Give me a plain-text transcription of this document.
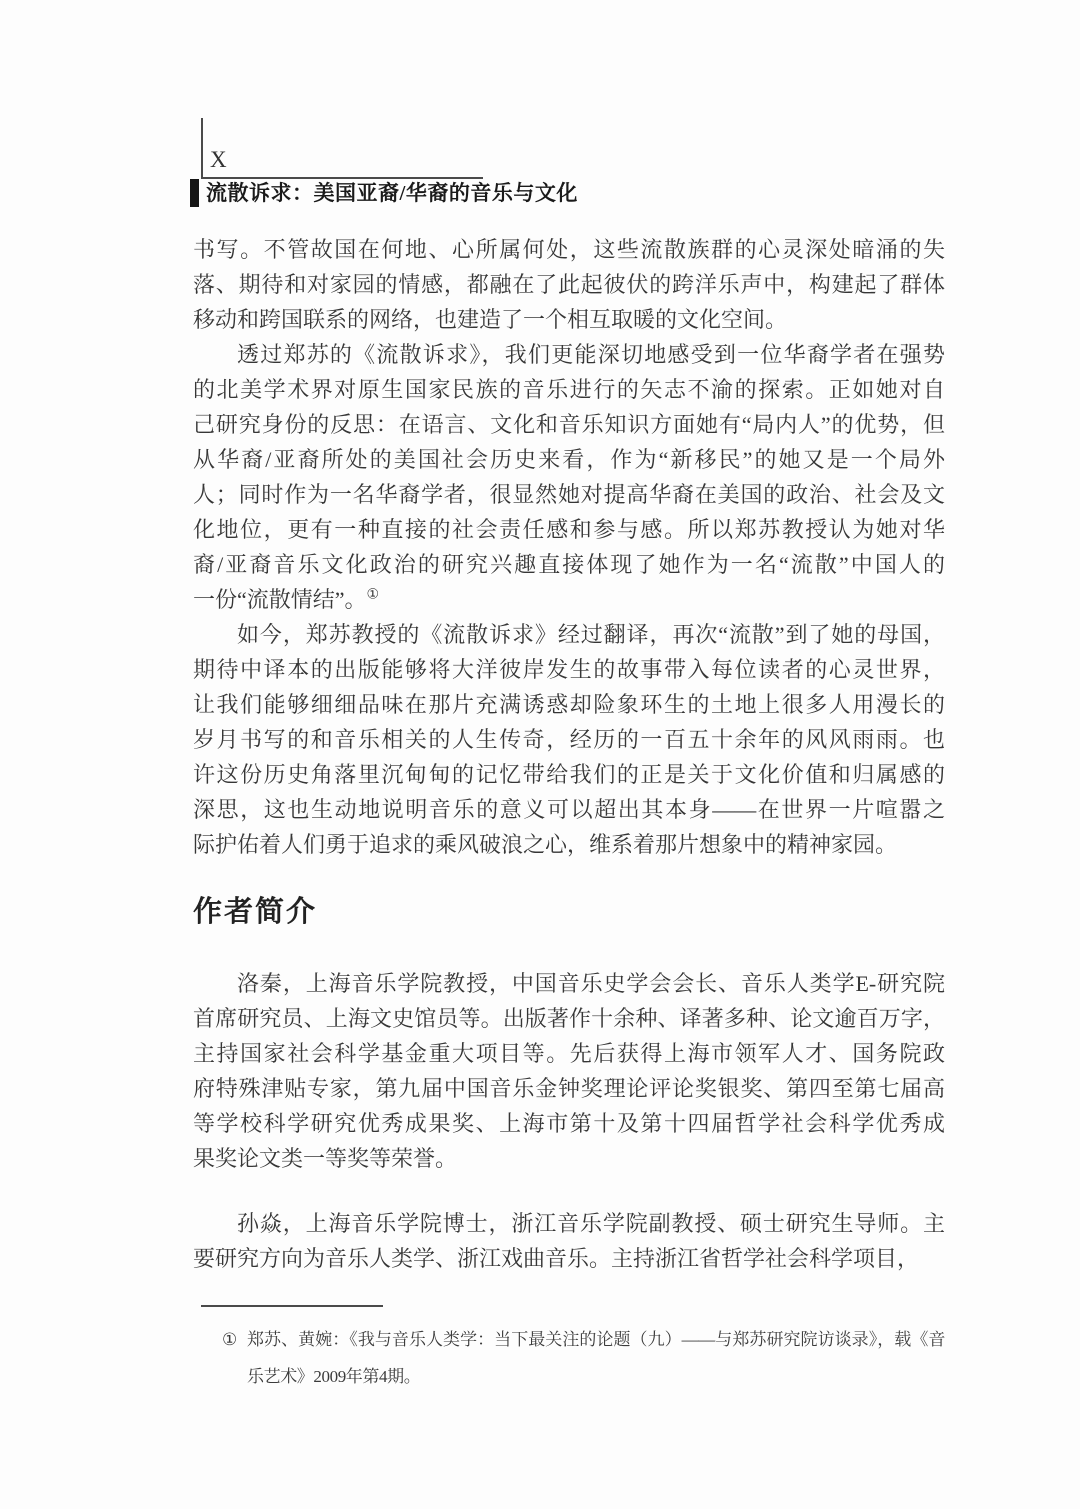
X
流散诉求：美国亚裔/华裔的音乐与文化
书写。不管故国在何地、心所属何处，这些流散族群的心灵深处暗涌的失
落、期待和对家园的情感，都融在了此起彼伏的跨洋乐声中，构建起了群体
移动和跨国联系的网络，也建造了一个相互取暖的文化空间。
透过郑苏的《流散诉求》，我们更能深切地感受到一位华裔学者在强势
的北美学术界对原生国家民族的音乐进行的矢志不渝的探索。正如她对自
己研究身份的反思：在语言、文化和音乐知识方面她有“局内人”的优势，但
从华裔/亚裔所处的美国社会历史来看，作为“新移民”的她又是一个局外
人；同时作为一名华裔学者，很显然她对提高华裔在美国的政治、社会及文
化地位，更有一种直接的社会责任感和参与感。所以郑苏教授认为她对华
裔/亚裔音乐文化政治的研究兴趣直接体现了她作为一名“流散”中国人的
一份“流散情结”。①
如今，郑苏教授的《流散诉求》经过翻译，再次“流散”到了她的母国，
期待中译本的出版能够将大洋彼岸发生的故事带入每位读者的心灵世界，
让我们能够细细品味在那片充满诱惑却险象环生的土地上很多人用漫长的
岁月书写的和音乐相关的人生传奇，经历的一百五十余年的风风雨雨。也
许这份历史角落里沉甸甸的记忆带给我们的正是关于文化价值和归属感的
深思，这也生动地说明音乐的意义可以超出其本身——在世界一片喧嚣之
际护佑着人们勇于追求的乘风破浪之心，维系着那片想象中的精神家园。
作者简介
洛秦，上海音乐学院教授，中国音乐史学会会长、音乐人类学E-研究院
首席研究员、上海文史馆员等。出版著作十余种、译著多种、论文逾百万字，
主持国家社会科学基金重大项目等。先后获得上海市领军人才、国务院政
府特殊津贴专家，第九届中国音乐金钟奖理论评论奖银奖、第四至第七届高
等学校科学研究优秀成果奖、上海市第十及第十四届哲学社会科学优秀成
果奖论文类一等奖等荣誉。
孙焱，上海音乐学院博士，浙江音乐学院副教授、硕士研究生导师。主
要研究方向为音乐人类学、浙江戏曲音乐。主持浙江省哲学社会科学项目，
① 郑苏、黄婉：《我与音乐人类学：当下最关注的论题（九）——与郑苏研究院访谈录》，载《音
乐艺术》2009年第4期。
